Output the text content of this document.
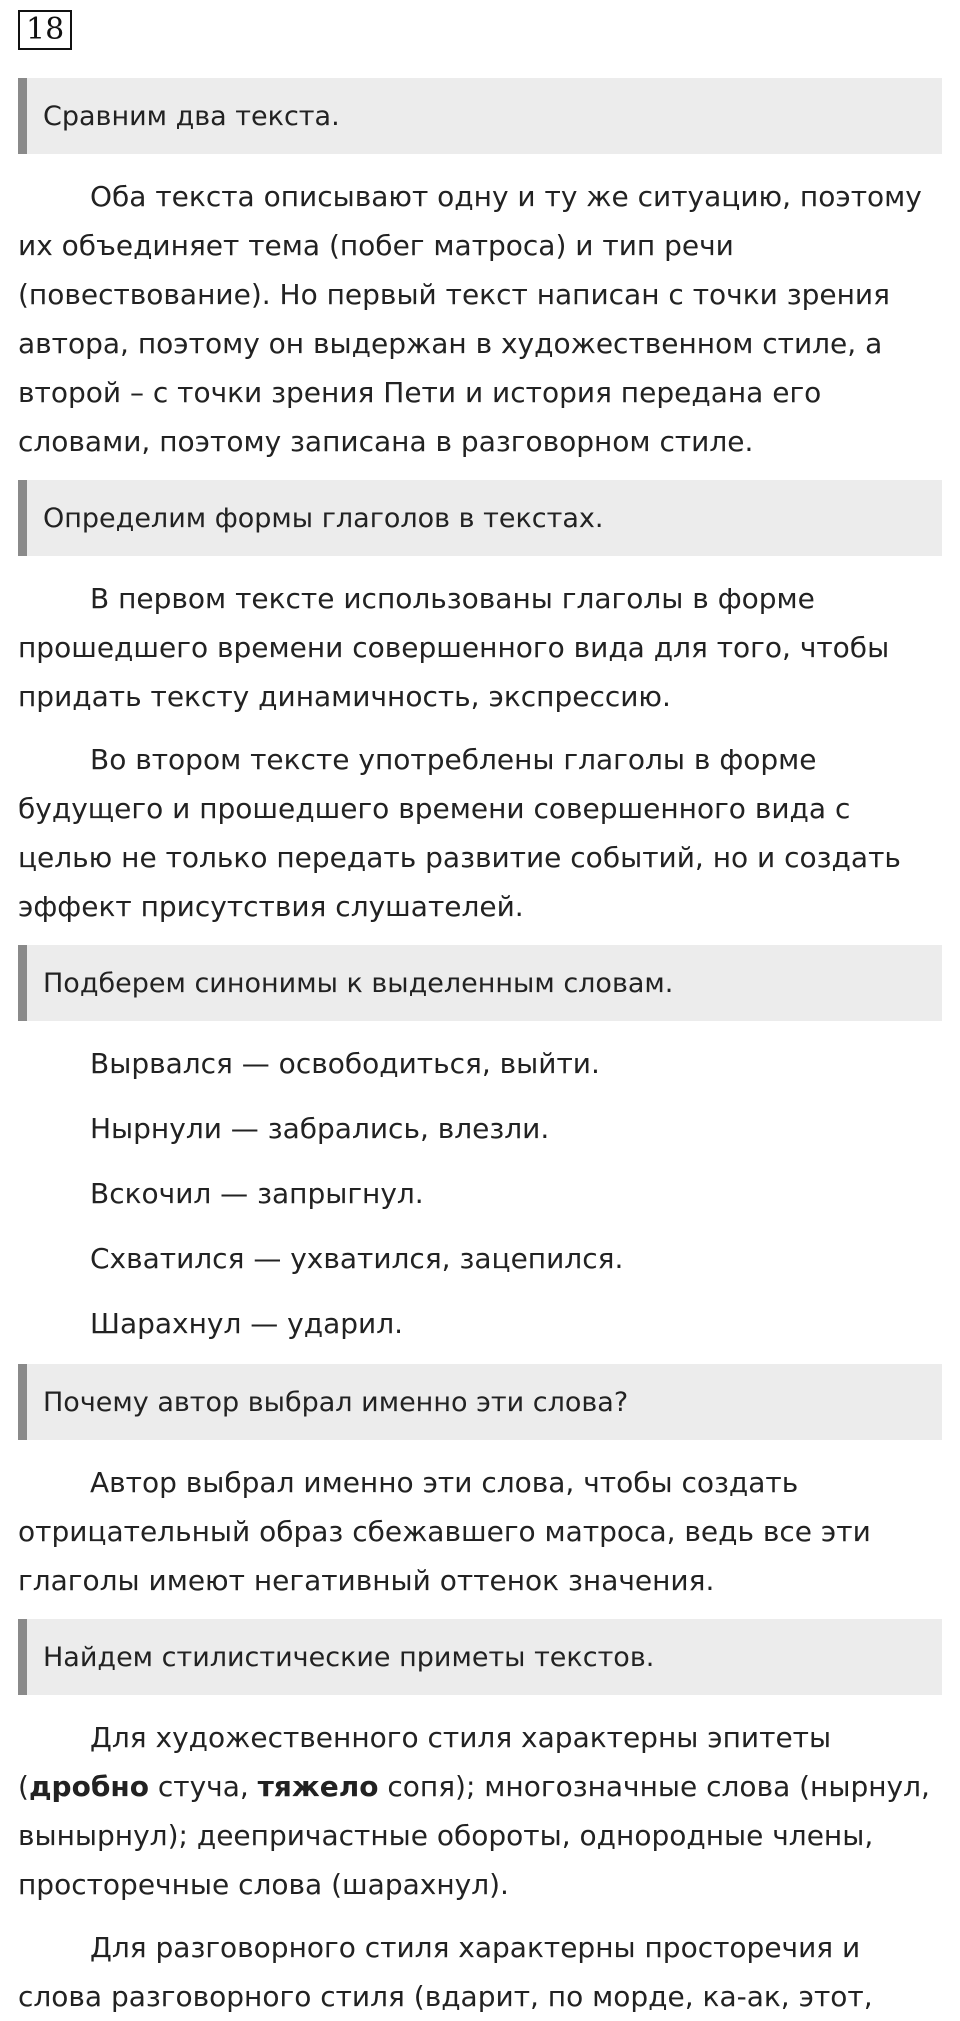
18
Сравним два текста.

Оба текста описывают одну и ту же ситуацию, поэтому их объединяет тема (побег матроса) и тип речи (повествование). Но первый текст написан с точки зрения автора, поэтому он выдержан в художественном стиле, а второй – с точки зрения Пети и история передана его словами, поэтому записана в разговорном стиле.

Определим формы глаголов в текстах.

В первом тексте использованы глаголы в форме прошедшего времени совершенного вида для того, чтобы придать тексту динамичность, экспрессию.

Во втором тексте употреблены глаголы в форме будущего и прошедшего времени совершенного вида с целью не только передать развитие событий, но и создать эффект присутствия слушателей.

Подберем синонимы к выделенным словам.

Вырвался — освободиться, выйти.

Нырнули — забрались, влезли.

Вскочил — запрыгнул.

Схватился — ухватился, зацепился.

Шарахнул — ударил.

Почему автор выбрал именно эти слова?

Автор выбрал именно эти слова, чтобы создать отрицательный образ сбежавшего матроса, ведь все эти глаголы имеют негативный оттенок значения.

Найдем стилистические приметы текстов.

Для художественного стиля характерны эпитеты (дробно стуча, тяжело сопя); многозначные слова (нырнул, вынырнул); деепричастные обороты, однородные члены, просторечные слова (шарахнул).

Для разговорного стиля характерны просторечия и слова разговорного стиля (вдарит, по морде, ка-ак, этот,
